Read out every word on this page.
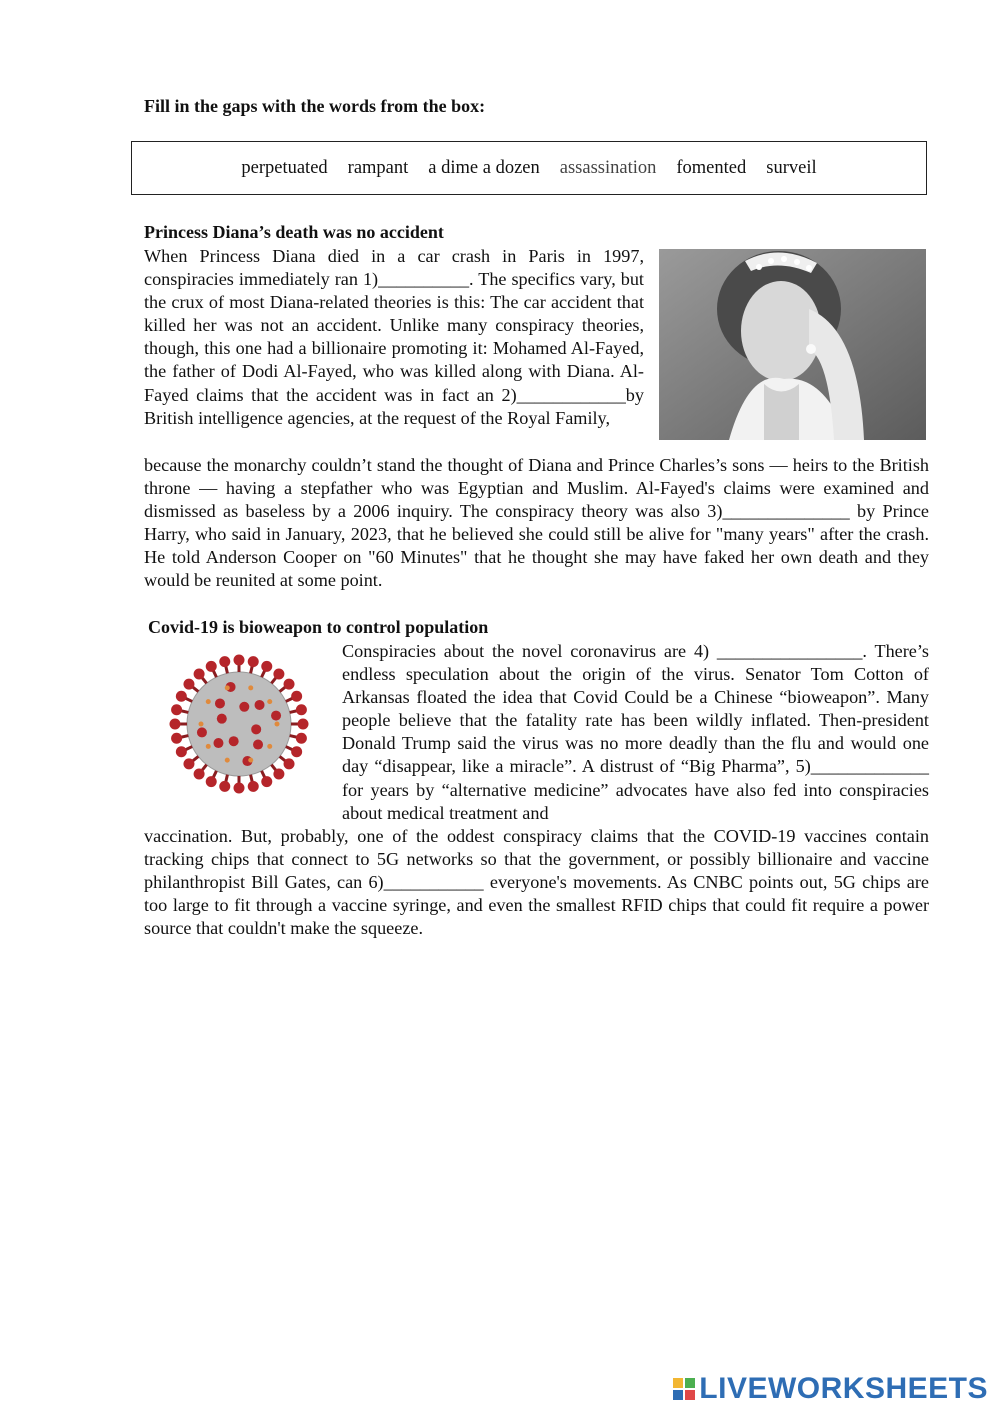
Fill in the gaps with the words from the box:
perpetuated rampant a dime a dozen assassination fomented surveil
Princess Diana’s death was no accident

When Princess Diana died in a car crash in Paris in 1997, conspiracies immediately ran 1)__________. The specifics vary, but the crux of most Diana-related theories is this: The car accident that killed her was not an accident. Unlike many conspiracy theories, though, this one had a billionaire promoting it: Mohamed Al-Fayed, the father of Dodi Al-Fayed, who was killed along with Diana. Al-Fayed claims that the accident was in fact an 2)____________by British intelligence agencies, at the request of the Royal Family,

because the monarchy couldn’t stand the thought of Diana and Prince Charles’s sons — heirs to the British throne — having a stepfather who was Egyptian and Muslim. Al-Fayed's claims were examined and dismissed as baseless by a 2006 inquiry. The conspiracy theory was also 3)______________ by Prince Harry, who said in January, 2023, that he believed she could still be alive for "many years" after the crash. He told Anderson Cooper on "60 Minutes" that he thought she may have faked her own death and they would be reunited at some point.

Covid-19 is bioweapon to control population

Conspiracies about the novel coronavirus are 4) ________________. There’s endless speculation about the origin of the virus. Senator Tom Cotton of Arkansas floated the idea that Covid Could be a Chinese “bioweapon”. Many people believe that the fatality rate has been wildly inflated. Then-president Donald Trump said the virus was no more deadly than the flu and would one day “disappear, like a miracle”. A distrust of “Big Pharma”, 5)_____________ for years by “alternative medicine” advocates have also fed into conspiracies about medical treatment and

vaccination. But, probably, one of the oddest conspiracy claims that the COVID-19 vaccines contain tracking chips that connect to 5G networks so that the government, or possibly billionaire and vaccine philanthropist Bill Gates, can 6)___________ everyone's movements. As CNBC points out, 5G chips are too large to fit through a vaccine syringe, and even the smallest RFID chips that could fit require a power source that couldn't make the squeeze.

LIVEWORKSHEETS
